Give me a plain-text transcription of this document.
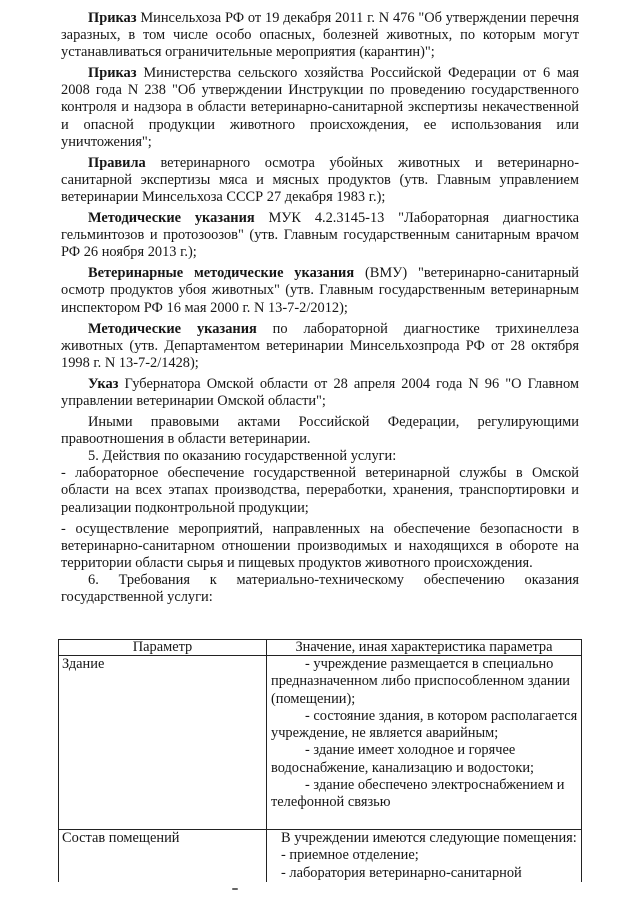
Приказ Минсельхоза РФ от 19 декабря 2011 г. N 476 "Об утверждении перечня заразных, в том числе особо опасных, болезней животных, по которым могут устанавливаться ограничительные мероприятия (карантин)";

Приказ Министерства сельского хозяйства Российской Федерации от 6 мая 2008 года N 238 "Об утверждении Инструкции по проведению государственного контроля и надзора в области ветеринарно-санитарной экспертизы некачественной и опасной продукции животного происхождения, ее использования или уничтожения";

Правила ветеринарного осмотра убойных животных и ветеринарно-санитарной экспертизы мяса и мясных продуктов (утв. Главным управлением ветеринарии Минсельхоза СССР 27 декабря 1983 г.);

Методические указания МУК 4.2.3145-13 "Лабораторная диагностика гельминтозов и протозоозов" (утв. Главным государственным санитарным врачом РФ 26 ноября 2013 г.);

Ветеринарные методические указания (ВМУ) "ветеринарно-санитарный осмотр продуктов убоя животных" (утв. Главным государственным ветеринарным инспектором РФ 16 мая 2000 г. N 13-7-2/2012);

Методические указания по лабораторной диагностике трихинеллеза животных (утв. Департаментом ветеринарии Минсельхозпрода РФ от 28 октября 1998 г. N 13-7-2/1428);

Указ Губернатора Омской области от 28 апреля 2004 года N 96 "О Главном управлении ветеринарии Омской области";

Иными правовыми актами Российской Федерации, регулирующими правоотношения в области ветеринарии.

5. Действия по оказанию государственной услуги:

- лабораторное обеспечение государственной ветеринарной службы в Омской области на всех этапах производства, переработки, хранения, транспортировки и реализации подконтрольной продукции;

- осуществление мероприятий, направленных на обеспечение безопасности в ветеринарно-санитарном отношении производимых и находящихся в обороте на территории области сырья и пищевых продуктов животного происхождения.

6. Требования к материально-техническому обеспечению оказания государственной услуги:

Параметр	Значение, иная характеристика параметра
Здание	- учреждение размещается в специально предназначенном либо приспособленном здании (помещении);
- состояние здания, в котором располагается учреждение, не является аварийным;
- здание имеет холодное и горячее водоснабжение, канализацию и водостоки;
- здание обеспечено электроснабжением и телефонной связью

Состав помещений	В учреждении имеются следующие помещения:
- приемное отделение;
- лаборатория ветеринарно-санитарной
